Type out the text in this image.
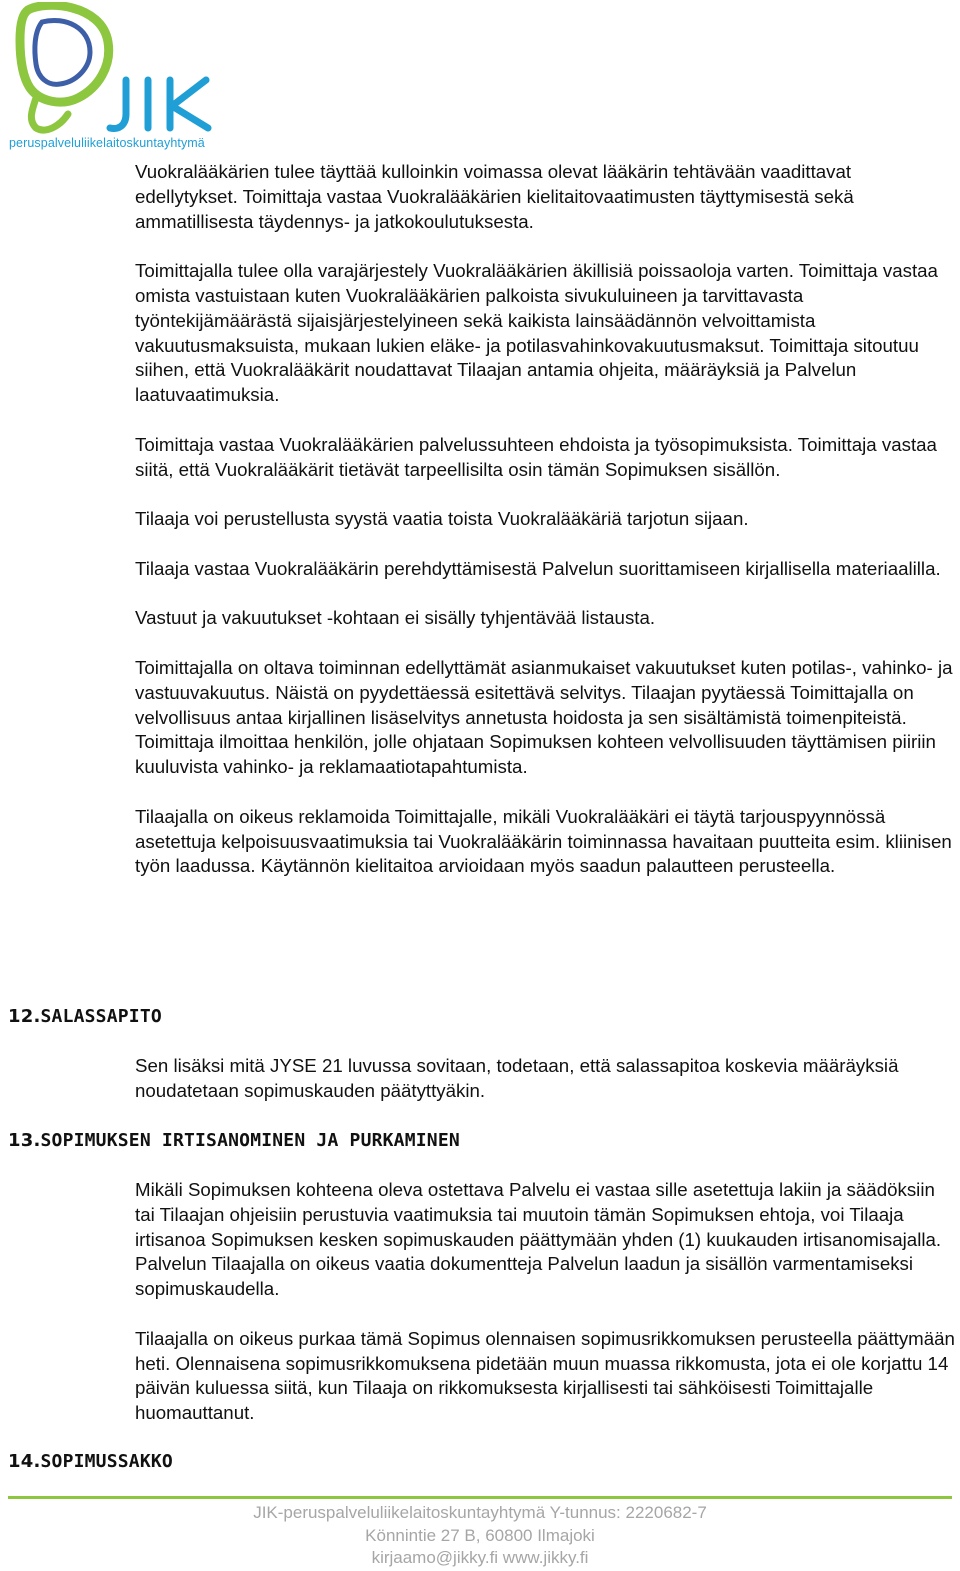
peruspalveluliikelaitoskuntayhtymä

Vuokralääkärien tulee täyttää kulloinkin voimassa olevat lääkärin tehtävään vaadittavat edellytykset. Toimittaja vastaa Vuokralääkärien kielitaitovaatimusten täyttymisestä sekä ammatillisesta täydennys- ja jatkokoulutuksesta.

Toimittajalla tulee olla varajärjestely Vuokralääkärien äkillisiä poissaoloja varten. Toimittaja vastaa omista vastuistaan kuten Vuokralääkärien palkoista sivukuluineen ja tarvittavasta työntekijämäärästä sijaisjärjestelyineen sekä kaikista lainsäädännön velvoittamista vakuutusmaksuista, mukaan lukien eläke- ja potilasvahinkovakuutusmaksut. Toimittaja sitoutuu siihen, että Vuokralääkärit noudattavat Tilaajan antamia ohjeita, määräyksiä ja Palvelun laatuvaatimuksia.

Toimittaja vastaa Vuokralääkärien palvelussuhteen ehdoista ja työsopimuksista. Toimittaja vastaa siitä, että Vuokralääkärit tietävät tarpeellisilta osin tämän Sopimuksen sisällön.

Tilaaja voi perustellusta syystä vaatia toista Vuokralääkäriä tarjotun sijaan.

Tilaaja vastaa Vuokralääkärin perehdyttämisestä Palvelun suorittamiseen kirjallisella materiaalilla.

Vastuut ja vakuutukset -kohtaan ei sisälly tyhjentävää listausta.

Toimittajalla on oltava toiminnan edellyttämät asianmukaiset vakuutukset kuten potilas-, vahinko- ja vastuuvakuutus. Näistä on pyydettäessä esitettävä selvitys. Tilaajan pyytäessä Toimittajalla on velvollisuus antaa kirjallinen lisäselvitys annetusta hoidosta ja sen sisältämistä toimenpiteistä. Toimittaja ilmoittaa henkilön, jolle ohjataan Sopimuksen kohteen velvollisuuden täyttämisen piiriin kuuluvista vahinko- ja reklamaatiotapahtumista.

Tilaajalla on oikeus reklamoida Toimittajalle, mikäli Vuokralääkäri ei täytä tarjouspyynnössä asetettuja kelpoisuusvaatimuksia tai Vuokralääkärin toiminnassa havaitaan puutteita esim. kliinisen työn laadussa. Käytännön kielitaitoa arvioidaan myös saadun palautteen perusteella.

12.SALASSAPITO

Sen lisäksi mitä JYSE 21 luvussa sovitaan, todetaan, että salassapitoa koskevia määräyksiä noudatetaan sopimuskauden päätyttyäkin.

13.SOPIMUKSEN IRTISANOMINEN JA PURKAMINEN

Mikäli Sopimuksen kohteena oleva ostettava Palvelu ei vastaa sille asetettuja lakiin ja säädöksiin tai Tilaajan ohjeisiin perustuvia vaatimuksia tai muutoin tämän Sopimuksen ehtoja, voi Tilaaja irtisanoa Sopimuksen kesken sopimuskauden päättymään yhden (1) kuukauden irtisanomisajalla. Palvelun Tilaajalla on oikeus vaatia dokumentteja Palvelun laadun ja sisällön varmentamiseksi sopimuskaudella.

Tilaajalla on oikeus purkaa tämä Sopimus olennaisen sopimusrikkomuksen perusteella päättymään heti. Olennaisena sopimusrikkomuksena pidetään muun muassa rikkomusta, jota ei ole korjattu 14 päivän kuluessa siitä, kun Tilaaja on rikkomuksesta kirjallisesti tai sähköisesti Toimittajalle huomauttanut.

14.SOPIMUSSAKKO
JIK-peruspalveluliikelaitoskuntayhtymä Y-tunnus: 2220682-7
Könnintie 27 B, 60800 Ilmajoki
kirjaamo@jikky.fi www.jikky.fi
